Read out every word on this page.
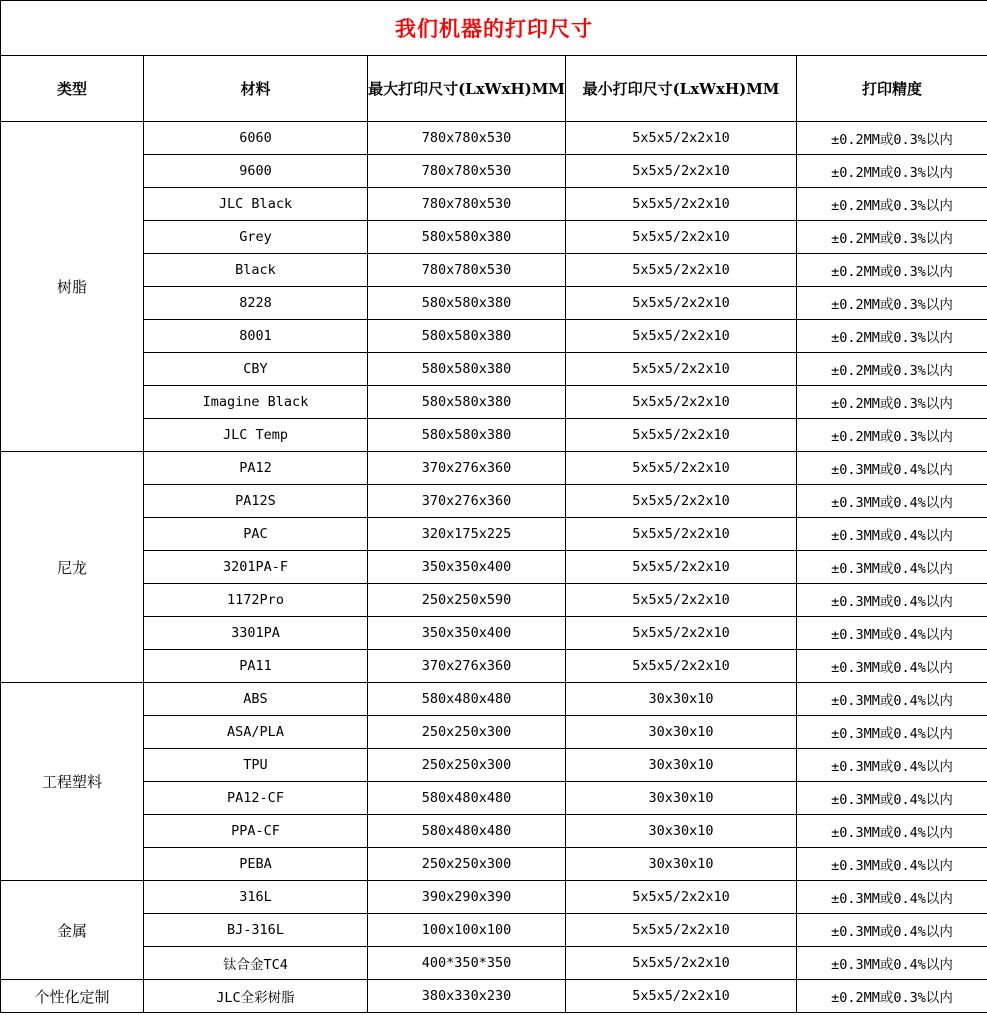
我们机器的打印尺寸				
类型	材料	最大打印尺寸(LxWxH)MM	最小打印尺寸(LxWxH)MM	打印精度
树脂	6060	780x780x530	5x5x5/2x2x10	±0.2MM或0.3%以内
	9600	780x780x530	5x5x5/2x2x10	±0.2MM或0.3%以内
	JLC Black	780x780x530	5x5x5/2x2x10	±0.2MM或0.3%以内
	Grey	580x580x380	5x5x5/2x2x10	±0.2MM或0.3%以内
	Black	780x780x530	5x5x5/2x2x10	±0.2MM或0.3%以内
	8228	580x580x380	5x5x5/2x2x10	±0.2MM或0.3%以内
	8001	580x580x380	5x5x5/2x2x10	±0.2MM或0.3%以内
	CBY	580x580x380	5x5x5/2x2x10	±0.2MM或0.3%以内
	Imagine Black	580x580x380	5x5x5/2x2x10	±0.2MM或0.3%以内
	JLC Temp	580x580x380	5x5x5/2x2x10	±0.2MM或0.3%以内
尼龙	PA12	370x276x360	5x5x5/2x2x10	±0.3MM或0.4%以内
	PA12S	370x276x360	5x5x5/2x2x10	±0.3MM或0.4%以内
	PAC	320x175x225	5x5x5/2x2x10	±0.3MM或0.4%以内
	3201PA-F	350x350x400	5x5x5/2x2x10	±0.3MM或0.4%以内
	1172Pro	250x250x590	5x5x5/2x2x10	±0.3MM或0.4%以内
	3301PA	350x350x400	5x5x5/2x2x10	±0.3MM或0.4%以内
	PA11	370x276x360	5x5x5/2x2x10	±0.3MM或0.4%以内
工程塑料	ABS	580x480x480	30x30x10	±0.3MM或0.4%以内
	ASA/PLA	250x250x300	30x30x10	±0.3MM或0.4%以内
	TPU	250x250x300	30x30x10	±0.3MM或0.4%以内
	PA12-CF	580x480x480	30x30x10	±0.3MM或0.4%以内
	PPA-CF	580x480x480	30x30x10	±0.3MM或0.4%以内
	PEBA	250x250x300	30x30x10	±0.3MM或0.4%以内
金属	316L	390x290x390	5x5x5/2x2x10	±0.3MM或0.4%以内
	BJ-316L	100x100x100	5x5x5/2x2x10	±0.3MM或0.4%以内
	钛合金TC4	400*350*350	5x5x5/2x2x10	±0.3MM或0.4%以内
个性化定制	JLC全彩树脂	380x330x230	5x5x5/2x2x10	±0.2MM或0.3%以内
